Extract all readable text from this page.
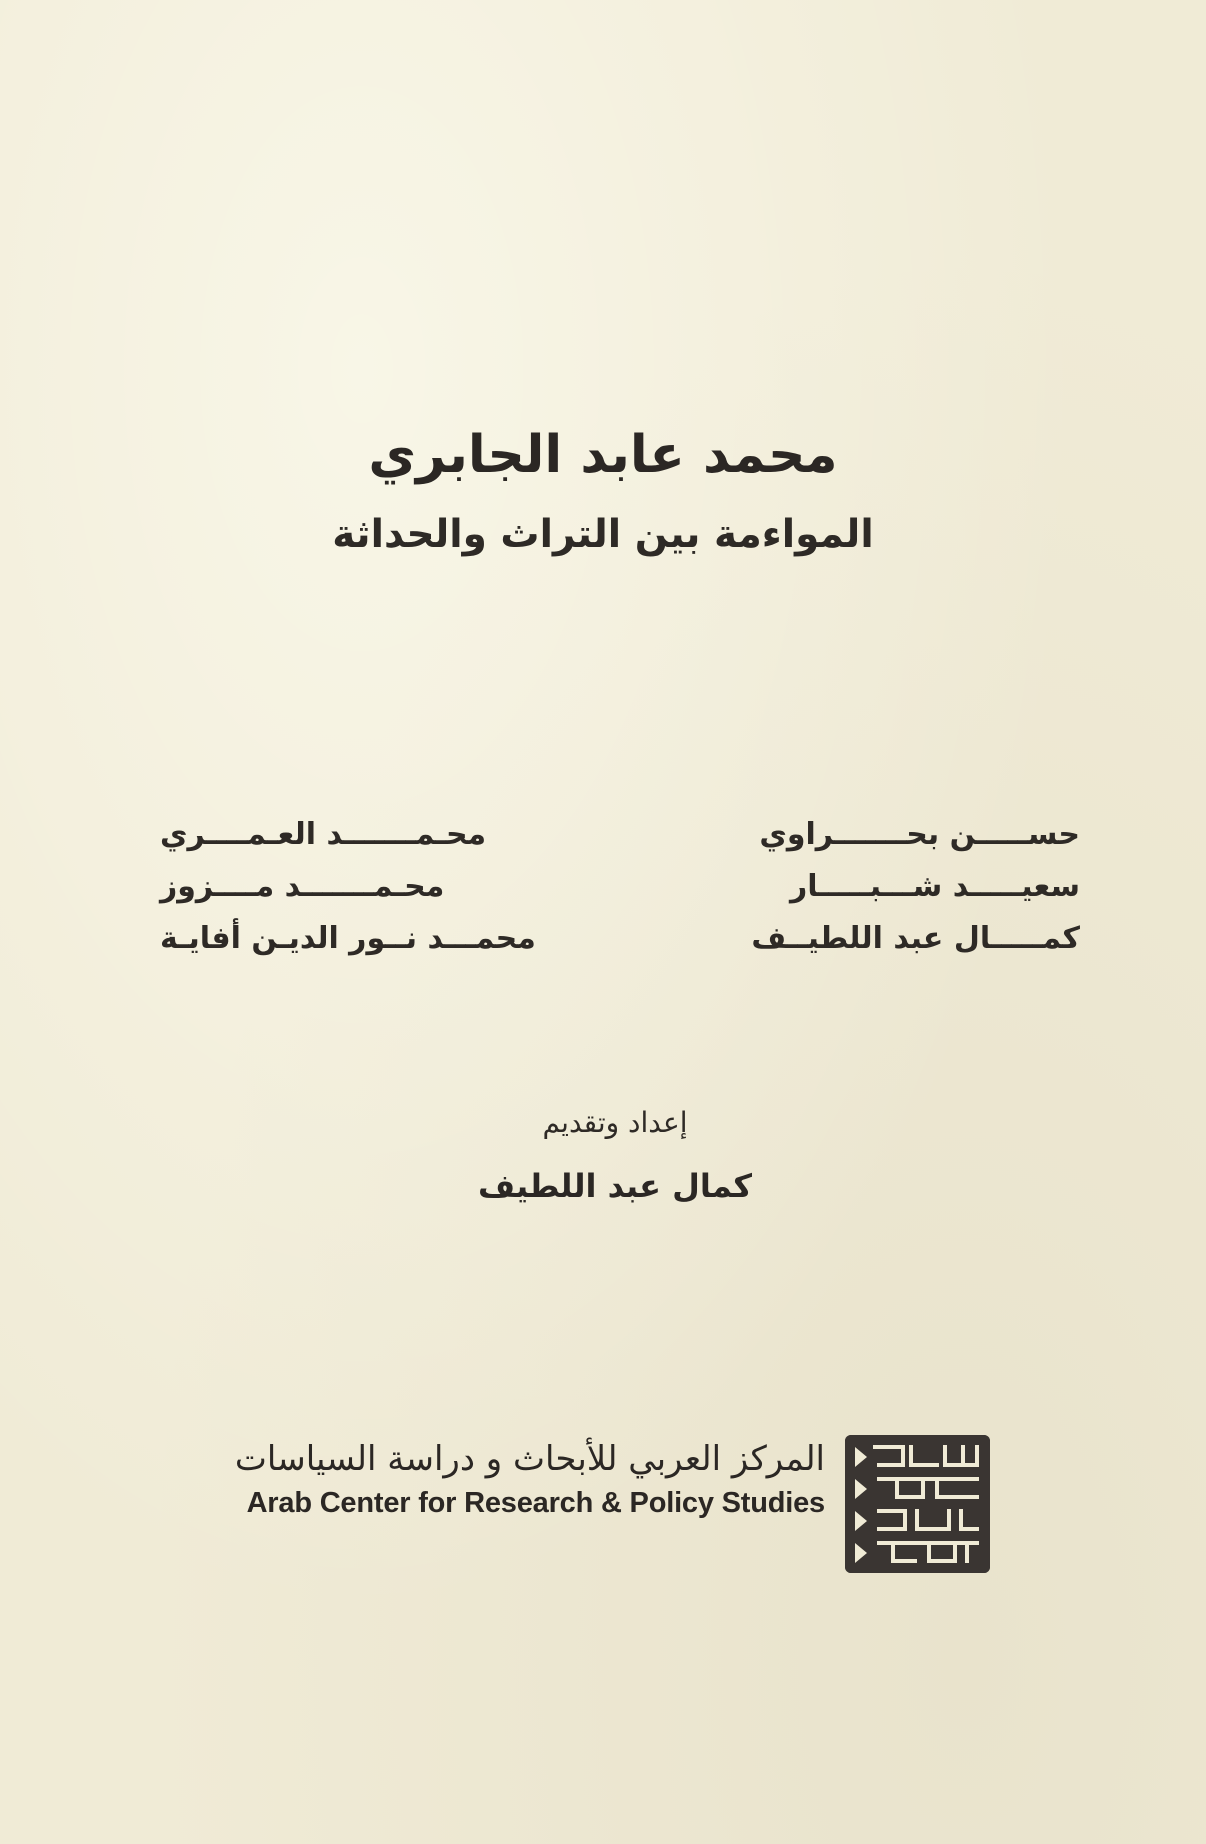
محمد عابد الجابري
المواءمة بين التراث والحداثة
حســـــن بحـــــــراوي
محـمـــــــد العـمــــري
سعيـــــد شـــبـــــار
محـمـــــــد مــــزوز
كمـــــال عبد اللطيــف
محمـــد نــور الديـن أفايـة
إعداد وتقديم
كمال عبد اللطيف
المركز العربي للأبحاث و دراسة السياسات
Arab Center for Research & Policy Studies
